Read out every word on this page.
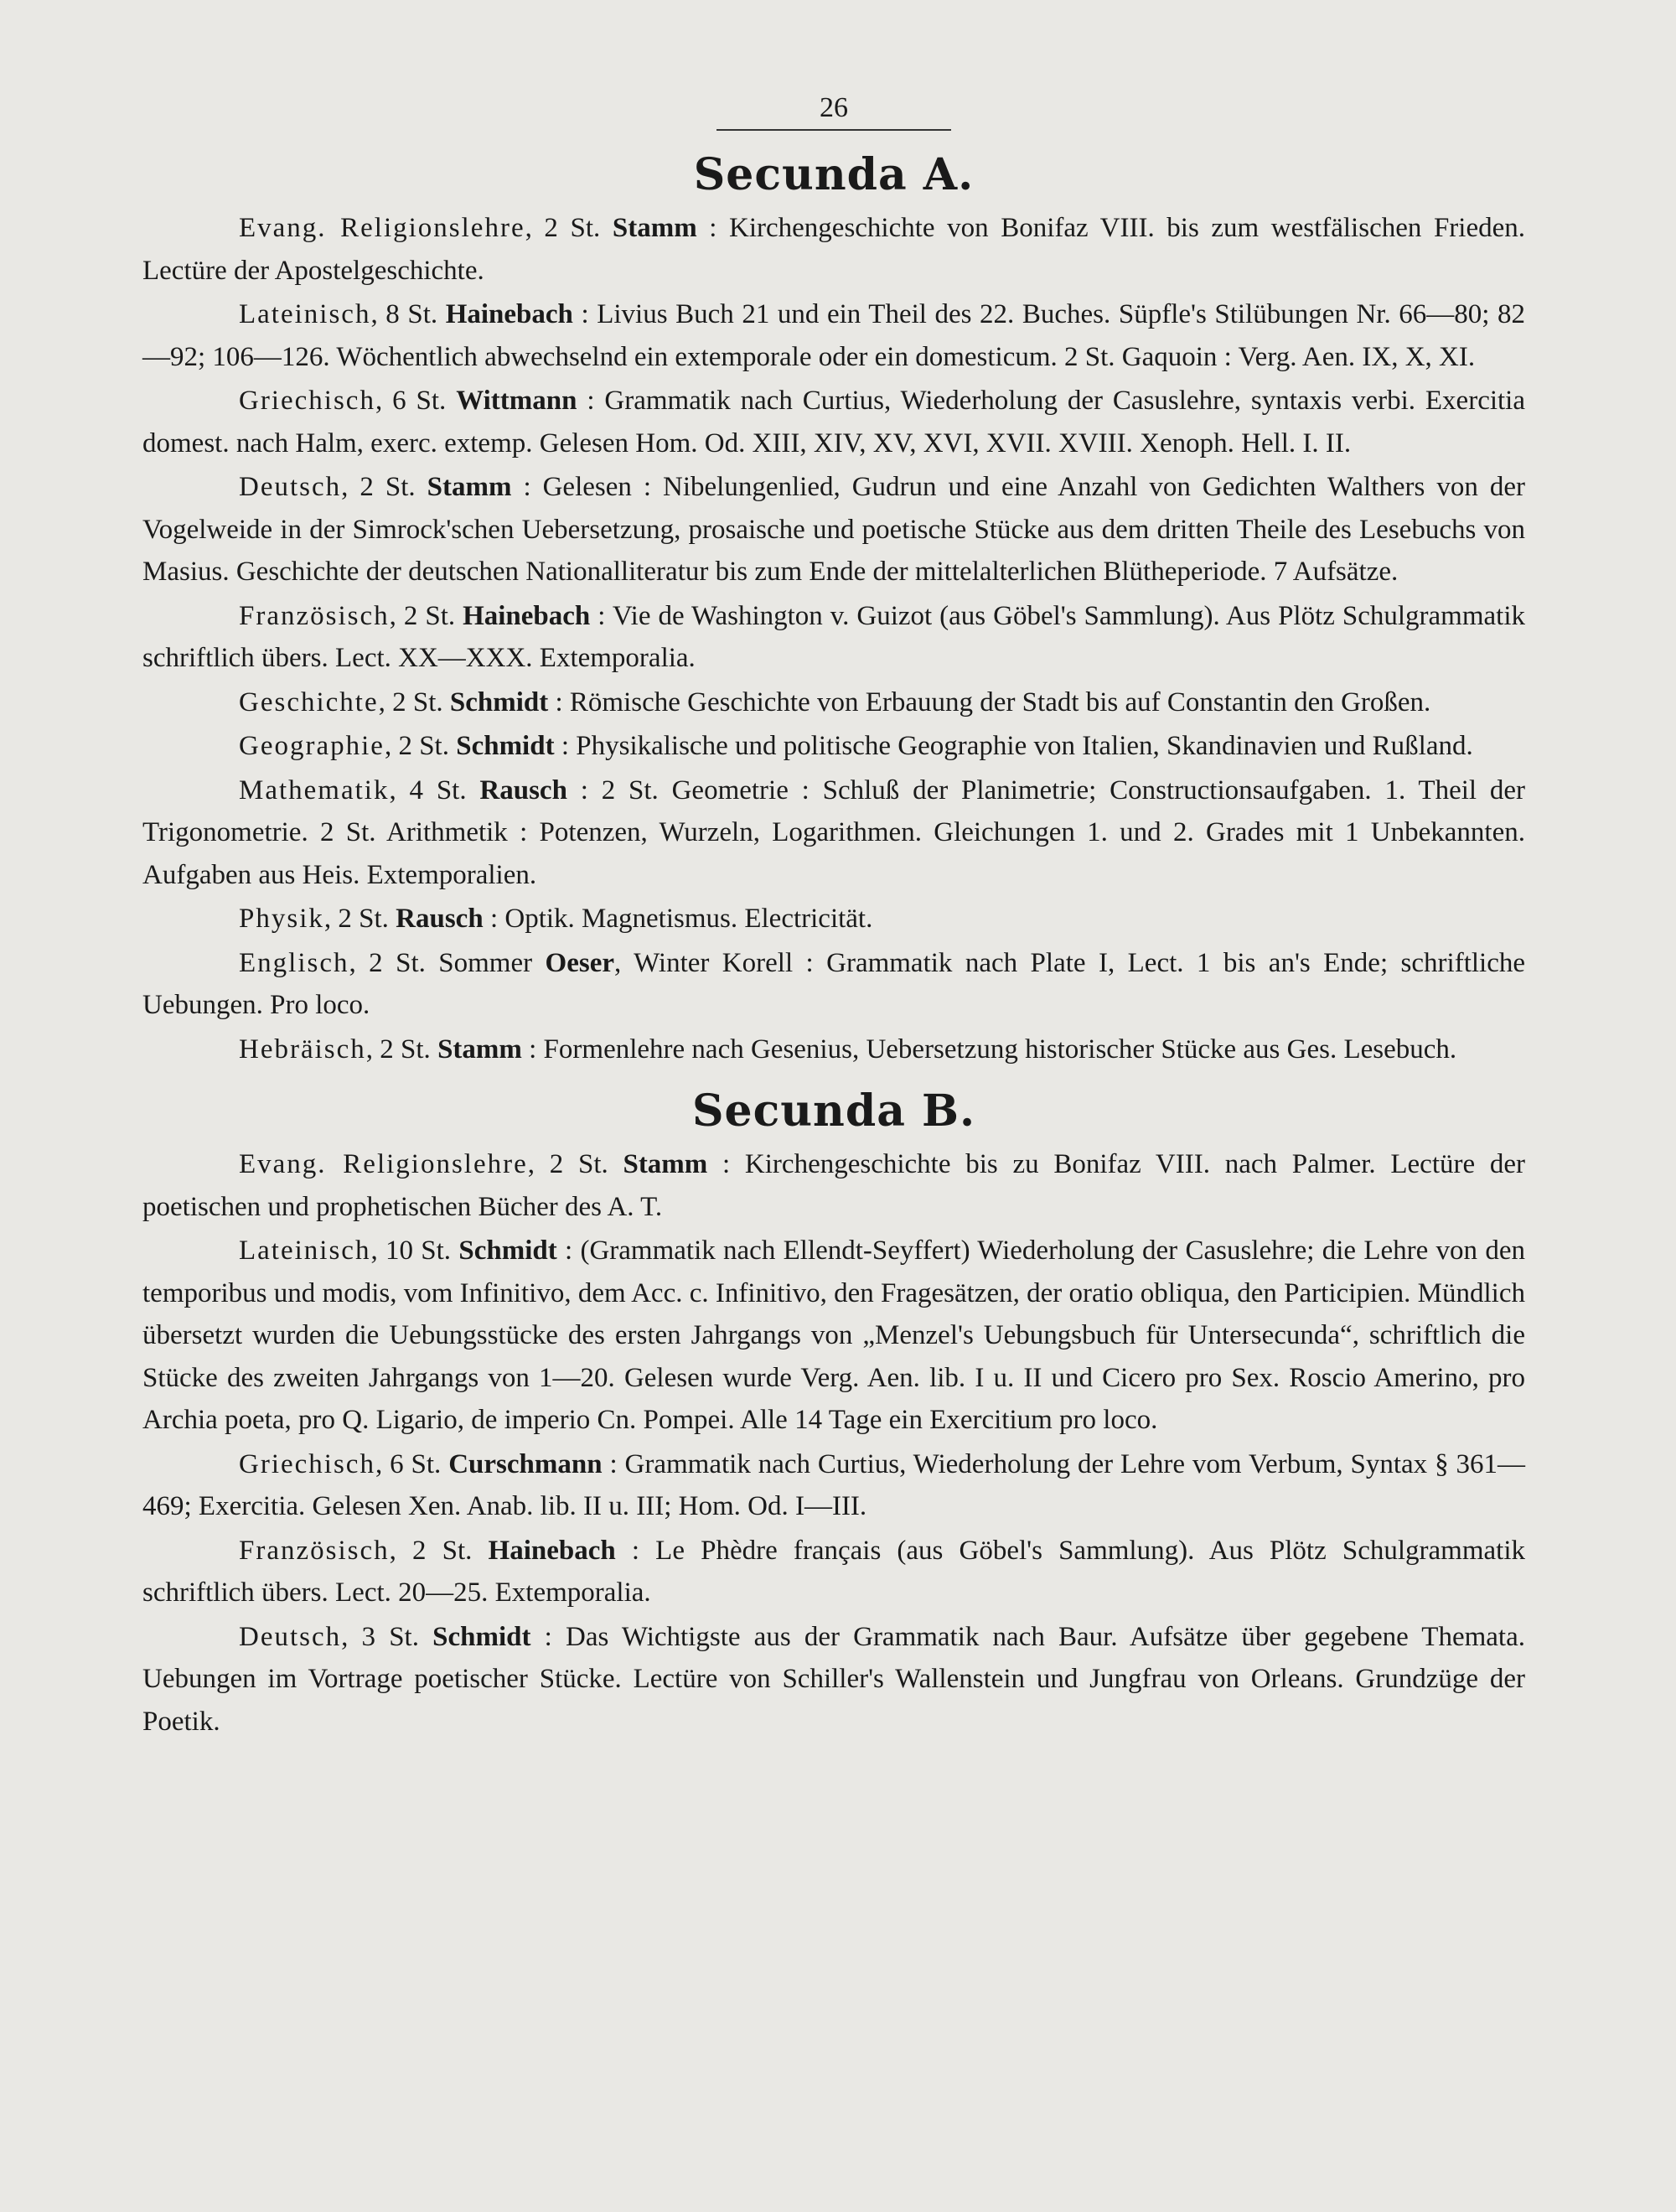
26
Secunda A.

Evang. Religionslehre, 2 St. Stamm : Kirchengeschichte von Bonifaz VIII. bis zum westfälischen Frieden. Lectüre der Apostelgeschichte.

Lateinisch, 8 St. Hainebach : Livius Buch 21 und ein Theil des 22. Buches. Süpfle's Stilübungen Nr. 66—80; 82—92; 106—126. Wöchentlich abwechselnd ein extemporale oder ein domesticum. 2 St. Gaquoin : Verg. Aen. IX, X, XI.

Griechisch, 6 St. Wittmann : Grammatik nach Curtius, Wiederholung der Casuslehre, syntaxis verbi. Exercitia domest. nach Halm, exerc. extemp. Gelesen Hom. Od. XIII, XIV, XV, XVI, XVII. XVIII. Xenoph. Hell. I. II.

Deutsch, 2 St. Stamm : Gelesen : Nibelungenlied, Gudrun und eine Anzahl von Gedichten Walthers von der Vogelweide in der Simrock'schen Uebersetzung, prosaische und poetische Stücke aus dem dritten Theile des Lesebuchs von Masius. Geschichte der deutschen Nationalliteratur bis zum Ende der mittelalterlichen Blütheperiode. 7 Aufsätze.

Französisch, 2 St. Hainebach : Vie de Washington v. Guizot (aus Göbel's Sammlung). Aus Plötz Schulgrammatik schriftlich übers. Lect. XX—XXX. Extemporalia.

Geschichte, 2 St. Schmidt : Römische Geschichte von Erbauung der Stadt bis auf Constantin den Großen.

Geographie, 2 St. Schmidt : Physikalische und politische Geographie von Italien, Skandinavien und Rußland.

Mathematik, 4 St. Rausch : 2 St. Geometrie : Schluß der Planimetrie; Constructionsaufgaben. 1. Theil der Trigonometrie. 2 St. Arithmetik : Potenzen, Wurzeln, Logarithmen. Gleichungen 1. und 2. Grades mit 1 Unbekannten. Aufgaben aus Heis. Extemporalien.

Physik, 2 St. Rausch : Optik. Magnetismus. Electricität.

Englisch, 2 St. Sommer Oeser, Winter Korell : Grammatik nach Plate I, Lect. 1 bis an's Ende; schriftliche Uebungen. Pro loco.

Hebräisch, 2 St. Stamm : Formenlehre nach Gesenius, Uebersetzung historischer Stücke aus Ges. Lesebuch.

Secunda B.

Evang. Religionslehre, 2 St. Stamm : Kirchengeschichte bis zu Bonifaz VIII. nach Palmer. Lectüre der poetischen und prophetischen Bücher des A. T.

Lateinisch, 10 St. Schmidt : (Grammatik nach Ellendt-Seyffert) Wiederholung der Casuslehre; die Lehre von den temporibus und modis, vom Infinitivo, dem Acc. c. Infinitivo, den Fragesätzen, der oratio obliqua, den Participien. Mündlich übersetzt wurden die Uebungsstücke des ersten Jahrgangs von „Menzel's Uebungsbuch für Untersecunda“, schriftlich die Stücke des zweiten Jahrgangs von 1—20. Gelesen wurde Verg. Aen. lib. I u. II und Cicero pro Sex. Roscio Amerino, pro Archia poeta, pro Q. Ligario, de imperio Cn. Pompei. Alle 14 Tage ein Exercitium pro loco.

Griechisch, 6 St. Curschmann : Grammatik nach Curtius, Wiederholung der Lehre vom Verbum, Syntax § 361—469; Exercitia. Gelesen Xen. Anab. lib. II u. III; Hom. Od. I—III.

Französisch, 2 St. Hainebach : Le Phèdre français (aus Göbel's Sammlung). Aus Plötz Schulgrammatik schriftlich übers. Lect. 20—25. Extemporalia.

Deutsch, 3 St. Schmidt : Das Wichtigste aus der Grammatik nach Baur. Aufsätze über gegebene Themata. Uebungen im Vortrage poetischer Stücke. Lectüre von Schiller's Wallenstein und Jungfrau von Orleans. Grundzüge der Poetik.
